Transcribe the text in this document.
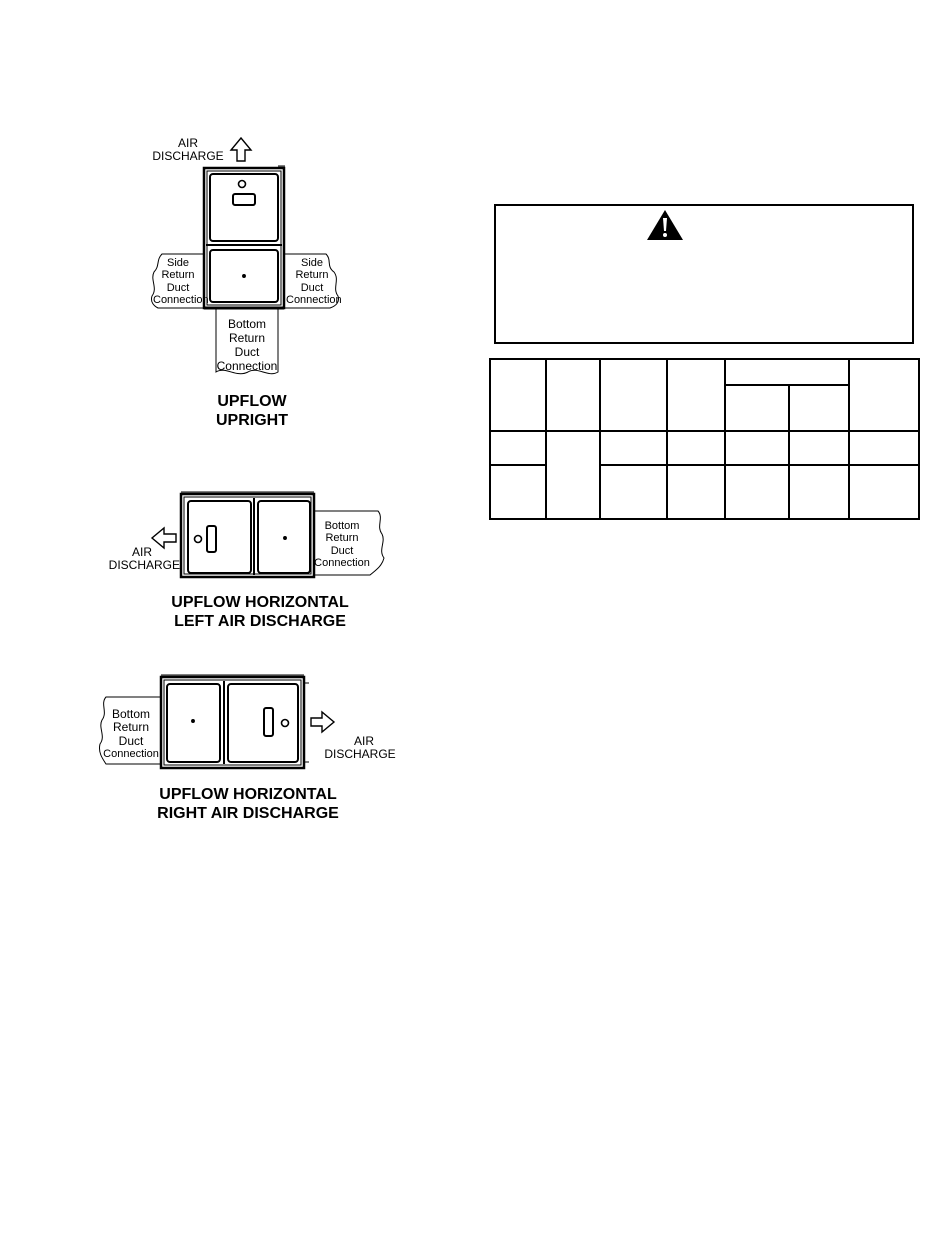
AIR
DISCHARGE
Side
Return
Duct
Connection
Side
Return
Duct
Connection
Bottom
Return
Duct
Connection
UPFLOW
UPRIGHT
AIR
DISCHARGE
Bottom
Return
Duct
Connection
UPFLOW HORIZONTAL
LEFT AIR DISCHARGE
AIR
DISCHARGE
Bottom
Return
Duct
Connection
UPFLOW HORIZONTAL
RIGHT AIR DISCHARGE
